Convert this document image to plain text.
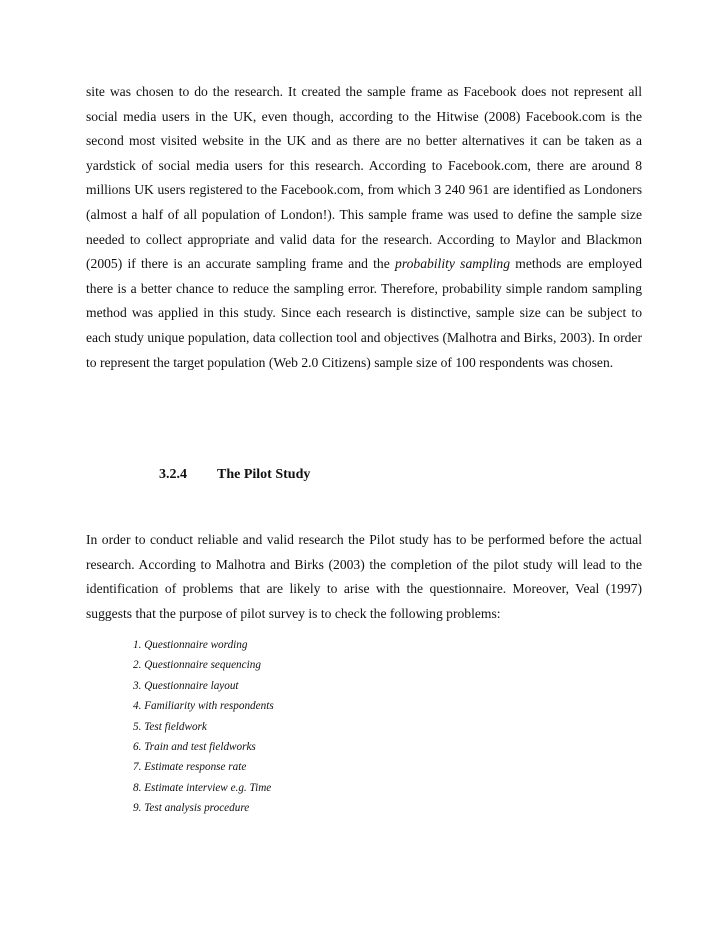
site was chosen to do the research. It created the sample frame as Facebook does not represent all social media users in the UK, even though, according to the Hitwise (2008) Facebook.com is the second most visited website in the UK and as there are no better alternatives it can be taken as a yardstick of social media users for this research. According to Facebook.com, there are around 8 millions UK users registered to the Facebook.com, from which 3 240 961 are identified as Londoners (almost a half of all population of London!). This sample frame was used to define the sample size needed to collect appropriate and valid data for the research. According to Maylor and Blackmon (2005) if there is an accurate sampling frame and the probability sampling methods are employed there is a better chance to reduce the sampling error. Therefore, probability simple random sampling method was applied in this study. Since each research is distinctive, sample size can be subject to each study unique population, data collection tool and objectives (Malhotra and Birks, 2003). In order to represent the target population (Web 2.0 Citizens) sample size of 100 respondents was chosen.

3.2.4 The Pilot Study

In order to conduct reliable and valid research the Pilot study has to be performed before the actual research. According to Malhotra and Birks (2003) the completion of the pilot study will lead to the identification of problems that are likely to arise with the questionnaire. Moreover, Veal (1997) suggests that the purpose of pilot survey is to check the following problems:

1. Questionnaire wording
2. Questionnaire sequencing
3. Questionnaire layout
4. Familiarity with respondents
5. Test fieldwork
6. Train and test fieldworks
7. Estimate response rate
8. Estimate interview e.g. Time
9. Test analysis procedure
